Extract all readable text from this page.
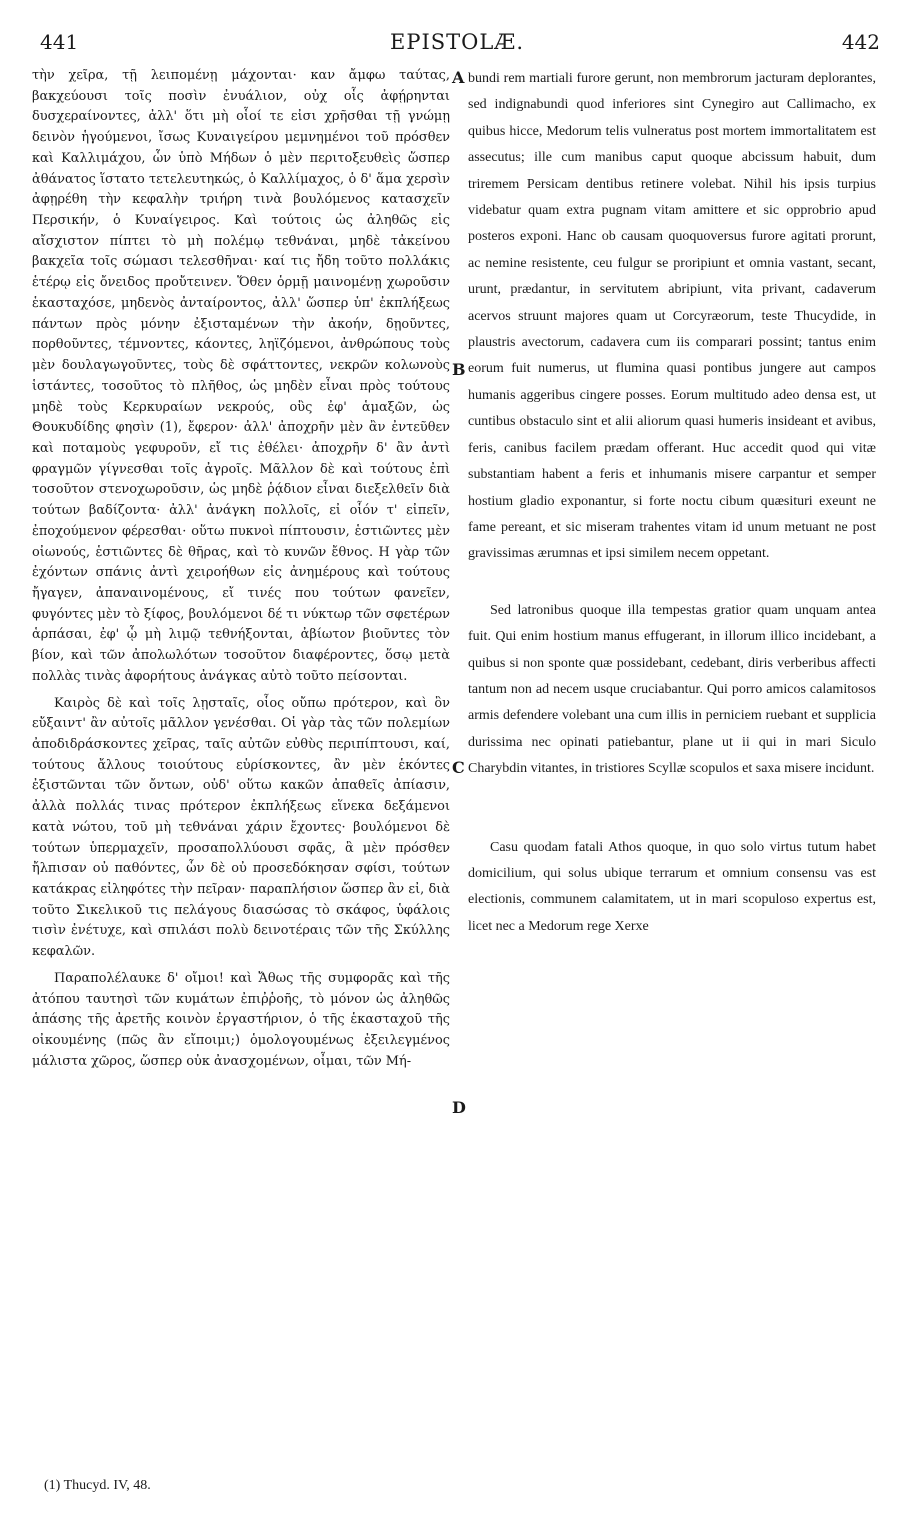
441	EPISTOLÆ.	442

τὴν χεῖρα, τῇ λειπομένῃ μάχονται· καν ἄμφω ταύτας, βακχεύουσι τοῖς ποσὶν ἐνυάλιον, οὐχ οἷς ἀφῄρηνται δυσχεραίνοντες, ἀλλ' ὅτι μὴ οἷοί τε εἰσι χρῆσθαι τῇ γνώμῃ δεινὸν ἡγούμενοι, ἴσως Κυναιγείρου μεμνημένοι τοῦ πρόσθεν καὶ Καλλιμάχου, ὧν ὑπὸ Μήδων ὁ μὲν περιτοξευθεὶς ὥσπερ ἀθάνατος ἵστατο τετελευτηκώς, ὁ Καλλίμαχος, ὁ δ' ἅμα χερσὶν ἀφῃρέθη τὴν κεφαλὴν τριήρη τινὰ βουλόμενος κατασχεῖν Περσικήν, ὁ Κυναίγειρος. Καὶ τούτοις ὡς ἀληθῶς εἰς αἴσχιστον πίπτει τὸ μὴ πολέμῳ τεθνάναι, μηδὲ τἀκείνου βακχεῖα τοῖς σώμασι τελεσθῆναι· καί τις ἤδη τοῦτο πολλάκις ἑτέρῳ εἰς ὄνειδος προὔτεινεν. Ὅθεν ὁρμῇ μαινομένῃ χωροῦσιν ἑκασταχόσε, μηδενὸς ἀνταίροντος, ἀλλ' ὥσπερ ὑπ' ἐκπλήξεως πάντων πρὸς μόνην ἐξισταμένων τὴν ἀκοήν, δῃοῦντες, πορθοῦντες, τέμνοντες, κάοντες, ληϊζόμενοι, ἀνθρώπους τοὺς μὲν δουλαγωγοῦντες, τοὺς δὲ σφάττοντες, νεκρῶν κολωνοὺς ἱστάντες, τοσοῦτος τὸ πλῆθος, ὡς μηδὲν εἶναι πρὸς τούτους μηδὲ τοὺς Κερκυραίων νεκρούς, οὓς ἐφ' ἁμαξῶν, ὡς Θουκυδίδης φησὶν (1), ἔφερον· ἀλλ' ἀποχρῆν μὲν ἂν ἐντεῦθεν καὶ ποταμοὺς γεφυροῦν, εἴ τις ἐθέλει· ἀποχρῆν δ' ἂν ἀντὶ φραγμῶν γίγνεσθαι τοῖς ἀγροῖς. Μᾶλλον δὲ καὶ τούτους ἐπὶ τοσοῦτον στενοχωροῦσιν, ὡς μηδὲ ῥᾴδιον εἶναι διεξελθεῖν διὰ τούτων βαδίζοντα· ἀλλ' ἀνάγκη πολλοῖς, εἰ οἷόν τ' εἰπεῖν, ἐποχούμενον φέρεσθαι· οὕτω πυκνοὶ πίπτουσιν, ἑστιῶντες μὲν οἰωνούς, ἑστιῶντες δὲ θῆρας, καὶ τὸ κυνῶν ἔθνος. Η γὰρ τῶν ἐχόντων σπάνις ἀντὶ χειροήθων εἰς ἀνημέρους καὶ τούτους ἤγαγεν, ἀπαναινομένους, εἴ τινές που τούτων φανεῖεν, φυγόντες μὲν τὸ ξίφος, βουλόμενοι δέ τι νύκτωρ τῶν σφετέρων ἁρπάσαι, ἐφ' ᾧ μὴ λιμῷ τεθνήξονται, ἀβίωτον βιοῦντες τὸν βίον, καὶ τῶν ἀπολωλότων τοσοῦτον διαφέροντες, ὅσῳ μετὰ πολλὰς τινὰς ἀφορήτους ἀνάγκας αὐτὸ τοῦτο πείσονται.

Καιρὸς δὲ καὶ τοῖς λῃσταῖς, οἷος οὔπω πρότερον, καὶ ὃν εὔξαιντ' ἂν αὐτοῖς μᾶλλον γενέσθαι. Οἱ γὰρ τὰς τῶν πολεμίων ἀποδιδράσκοντες χεῖρας, ταῖς αὐτῶν εὐθὺς περιπίπτουσι, καί, τούτους ἄλλους τοιούτους εὑρίσκοντες, ἂν μὲν ἑκόντες ἐξιστῶνται τῶν ὄντων, οὐδ' οὕτω κακῶν ἀπαθεῖς ἀπίασιν, ἀλλὰ πολλάς τινας πρότερον ἐκπλήξεως εἵνεκα δεξάμενοι κατὰ νώτου, τοῦ μὴ τεθνάναι χάριν ἔχοντες· βουλόμενοι δὲ τούτων ὑπερμαχεῖν, προσαπολλύουσι σφᾶς, ἃ μὲν πρόσθεν ἤλπισαν οὐ παθόντες, ὧν δὲ οὐ προσεδόκησαν σφίσι, τούτων κατάκρας εἰληφότες τὴν πεῖραν· παραπλήσιον ὥσπερ ἂν εἰ, διὰ τοῦτο Σικελικοῦ τις πελάγους διασώσας τὸ σκάφος, ὑφάλοις τισὶν ἐνέτυχε, καὶ σπιλάσι πολὺ δεινοτέραις τῶν τῆς Σκύλλης κεφαλῶν.

Παραπολέλαυκε δ' οἴμοι! καὶ Ἄθως τῆς συμφορᾶς καὶ τῆς ἀτόπου ταυτησὶ τῶν κυμάτων ἐπιῤῥοῆς, τὸ μόνον ὡς ἀληθῶς ἁπάσης τῆς ἀρετῆς κοινὸν ἐργαστήριον, ὁ τῆς ἑκασταχοῦ τῆς οἰκουμένης (πῶς ἂν εἴποιμι;) ὁμολογουμένως ἐξειλεγμένος μάλιστα χῶρος, ὥσπερ οὐκ ἀνασχομένων, οἶμαι, τῶν Μή-

A
B
C
D

bundi rem martiali furore gerunt, non membrorum jacturam deplorantes, sed indignabundi quod inferiores sint Cynegiro aut Callimacho, ex quibus hicce, Medorum telis vulneratus post mortem immortalitatem est assecutus; ille cum manibus caput quoque abcissum habuit, dum triremem Persicam dentibus retinere volebat. Nihil his ipsis turpius videbatur quam extra pugnam vitam amittere et sic opprobrio apud posteros exponi. Hanc ob causam quoquoversus furore agitati prorunt, ac nemine resistente, ceu fulgur se proripiunt et omnia vastant, secant, urunt, prædantur, in servitutem abripiunt, vita privant, cadaverum acervos struunt majores quam ut Corcyræorum, teste Thucydide, in plaustris avectorum, cadavera cum iis comparari possint; tantus enim eorum fuit numerus, ut flumina quasi pontibus jungere aut campos humanis aggeribus cingere posses. Eorum multitudo adeo densa est, ut cuntibus obstaculo sint et alii aliorum quasi humeris insideant et avibus, feris, canibus facilem prædam offerant. Huc accedit quod qui vitæ substantiam habent a feris et inhumanis misere carpantur et semper hostium gladio exponantur, si forte noctu cibum quæsituri exeunt ne fame pereant, et sic miseram trahentes vitam id unum metuant ne post gravissimas ærumnas et ipsi similem necem oppetant.

Sed latronibus quoque illa tempestas gratior quam unquam antea fuit. Qui enim hostium manus effugerant, in illorum illico incidebant, a quibus si non sponte quæ possidebant, cedebant, diris verberibus affecti tantum non ad necem usque cruciabantur. Qui porro amicos calamitosos armis defendere volebant una cum illis in perniciem ruebant et supplicia durissima nec opinati patiebantur, plane ut ii qui in mari Siculo Charybdin vitantes, in tristiores Scyllæ scopulos et saxa misere incidunt.

Casu quodam fatali Athos quoque, in quo solo virtus tutum habet domicilium, qui solus ubique terrarum et omnium consensu vas est electionis, communem calamitatem, ut in mari scopuloso expertus est, licet nec a Medorum rege Xerxe

(1) Thucyd. IV, 48.
